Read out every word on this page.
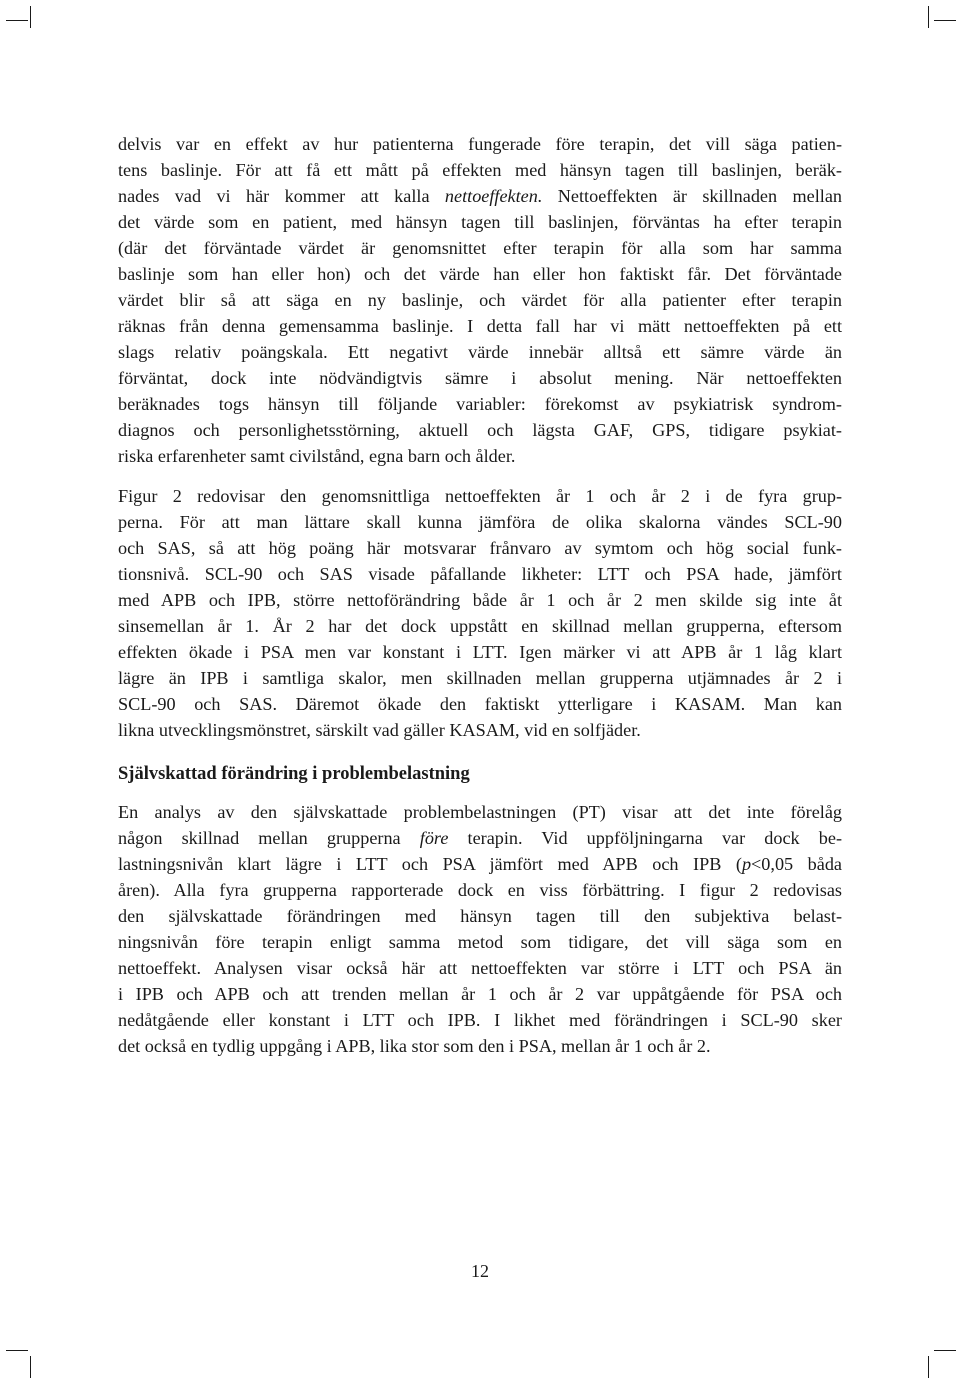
delvis var en effekt av hur patienterna fungerade före terapin, det vill säga patien-
tens baslinje. För att få ett mått på effekten med hänsyn tagen till baslinjen, beräk-
nades vad vi här kommer att kalla nettoeffekten. Nettoeffekten är skillnaden mellan
det värde som en patient, med hänsyn tagen till baslinjen, förväntas ha efter terapin
(där det förväntade värdet är genomsnittet efter terapin för alla som har samma
baslinje som han eller hon) och det värde han eller hon faktiskt får. Det förväntade
värdet blir så att säga en ny baslinje, och värdet för alla patienter efter terapin
räknas från denna gemensamma baslinje. I detta fall har vi mätt nettoeffekten på ett
slags relativ poängskala. Ett negativt värde innebär alltså ett sämre värde än
förväntat, dock inte nödvändigtvis sämre i absolut mening. När nettoeffekten
beräknades togs hänsyn till följande variabler: förekomst av psykiatrisk syndrom-
diagnos och personlighetsstörning, aktuell och lägsta GAF, GPS, tidigare psykiat-
riska erfarenheter samt civilstånd, egna barn och ålder.

Figur 2 redovisar den genomsnittliga nettoeffekten år 1 och år 2 i de fyra grup-
perna. För att man lättare skall kunna jämföra de olika skalorna vändes SCL-90
och SAS, så att hög poäng här motsvarar frånvaro av symtom och hög social funk-
tionsnivå. SCL-90 och SAS visade påfallande likheter: LTT och PSA hade, jämfört
med APB och IPB, större nettoförändring både år 1 och år 2 men skilde sig inte åt
sinsemellan år 1. År 2 har det dock uppstått en skillnad mellan grupperna, eftersom
effekten ökade i PSA men var konstant i LTT. Igen märker vi att APB år 1 låg klart
lägre än IPB i samtliga skalor, men skillnaden mellan grupperna utjämnades år 2 i
SCL-90 och SAS. Däremot ökade den faktiskt ytterligare i KASAM. Man kan
likna utvecklingsmönstret, särskilt vad gäller KASAM, vid en solfjäder.

Självskattad förändring i problembelastning

En analys av den självskattade problembelastningen (PT) visar att det inte förelåg
någon skillnad mellan grupperna före terapin. Vid uppföljningarna var dock be-
lastningsnivån klart lägre i LTT och PSA jämfört med APB och IPB (p<0,05 båda
åren). Alla fyra grupperna rapporterade dock en viss förbättring. I figur 2 redovisas
den självskattade förändringen med hänsyn tagen till den subjektiva belast-
ningsnivån före terapin enligt samma metod som tidigare, det vill säga som en
nettoeffekt. Analysen visar också här att nettoeffekten var större i LTT och PSA än
i IPB och APB och att trenden mellan år 1 och år 2 var uppåtgående för PSA och
nedåtgående eller konstant i LTT och IPB. I likhet med förändringen i SCL-90 sker
det också en tydlig uppgång i APB, lika stor som den i PSA, mellan år 1 och år 2.

12
